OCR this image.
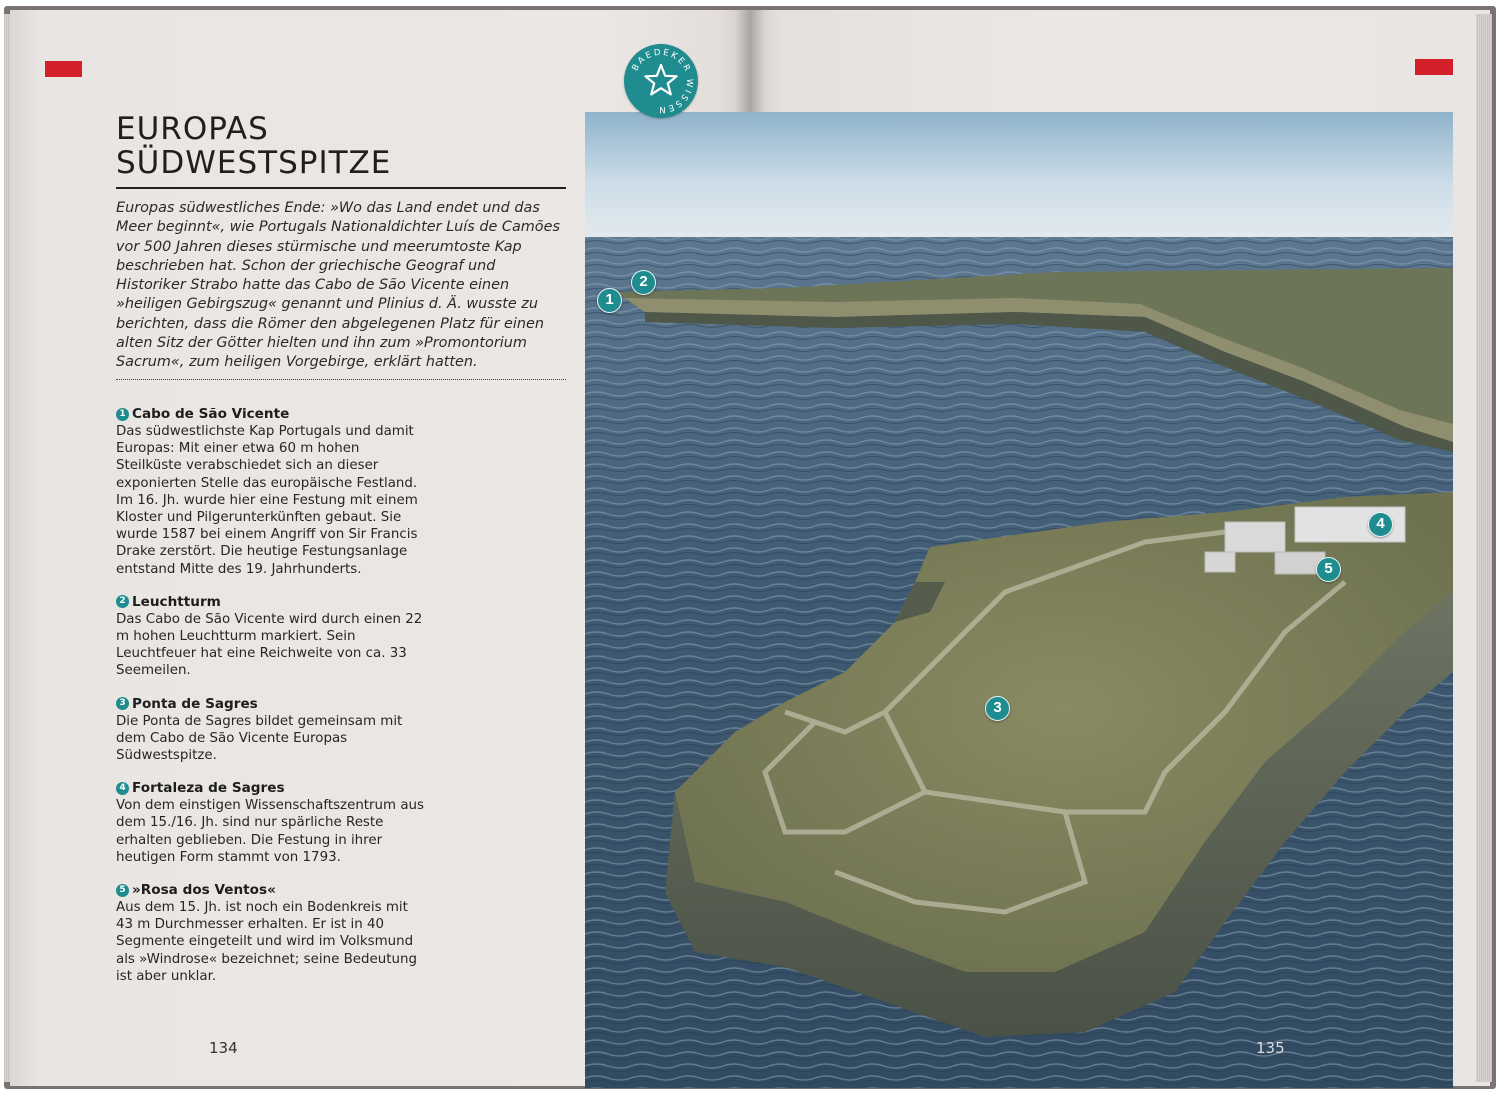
1
2
3
4
5
BAEDEKER WISSEN
EUROPAS
SÜDWESTSPITZE

Europas südwestliches Ende: »Wo das Land endet und das Meer beginnt«, wie Portugals Nationaldichter Luís de Camões vor 500 Jahren dieses stürmische und meerumtoste Kap beschrieben hat. Schon der griechische Geograf und Historiker Strabo hatte das Cabo de São Vicente einen »heiligen Gebirgszug« genannt und Plinius d. Ä. wusste zu berichten, dass die Römer den abgelegenen Platz für einen alten Sitz der Götter hielten und ihn zum »Promontorium Sacrum«, zum heiligen Vorgebirge, erklärt hatten.

1 Cabo de São Vicente
Das südwestlichste Kap Portugals und damit Europas: Mit einer etwa 60 m hohen Steilküste verabschiedet sich an dieser exponierten Stelle das europäische Festland. Im 16. Jh. wurde hier eine Festung mit einem Kloster und Pilgerunterkünften gebaut. Sie wurde 1587 bei einem Angriff von Sir Francis Drake zerstört. Die heutige Festungsanlage entstand Mitte des 19. Jahrhunderts.
2 Leuchtturm
Das Cabo de São Vicente wird durch einen 22 m hohen Leuchtturm markiert. Sein Leuchtfeuer hat eine Reichweite von ca. 33 Seemeilen.
3 Ponta de Sagres
Die Ponta de Sagres bildet gemeinsam mit dem Cabo de São Vicente Europas Südwestspitze.
4 Fortaleza de Sagres
Von dem einstigen Wissenschaftszentrum aus dem 15./16. Jh. sind nur spärliche Reste erhalten geblieben. Die Festung in ihrer heutigen Form stammt von 1793.
5 »Rosa dos Ventos«
Aus dem 15. Jh. ist noch ein Bodenkreis mit 43 m Durchmesser erhalten. Er ist in 40 Segmente eingeteilt und wird im Volksmund als »Windrose« bezeichnet; seine Bedeutung ist aber unklar.
134	135
